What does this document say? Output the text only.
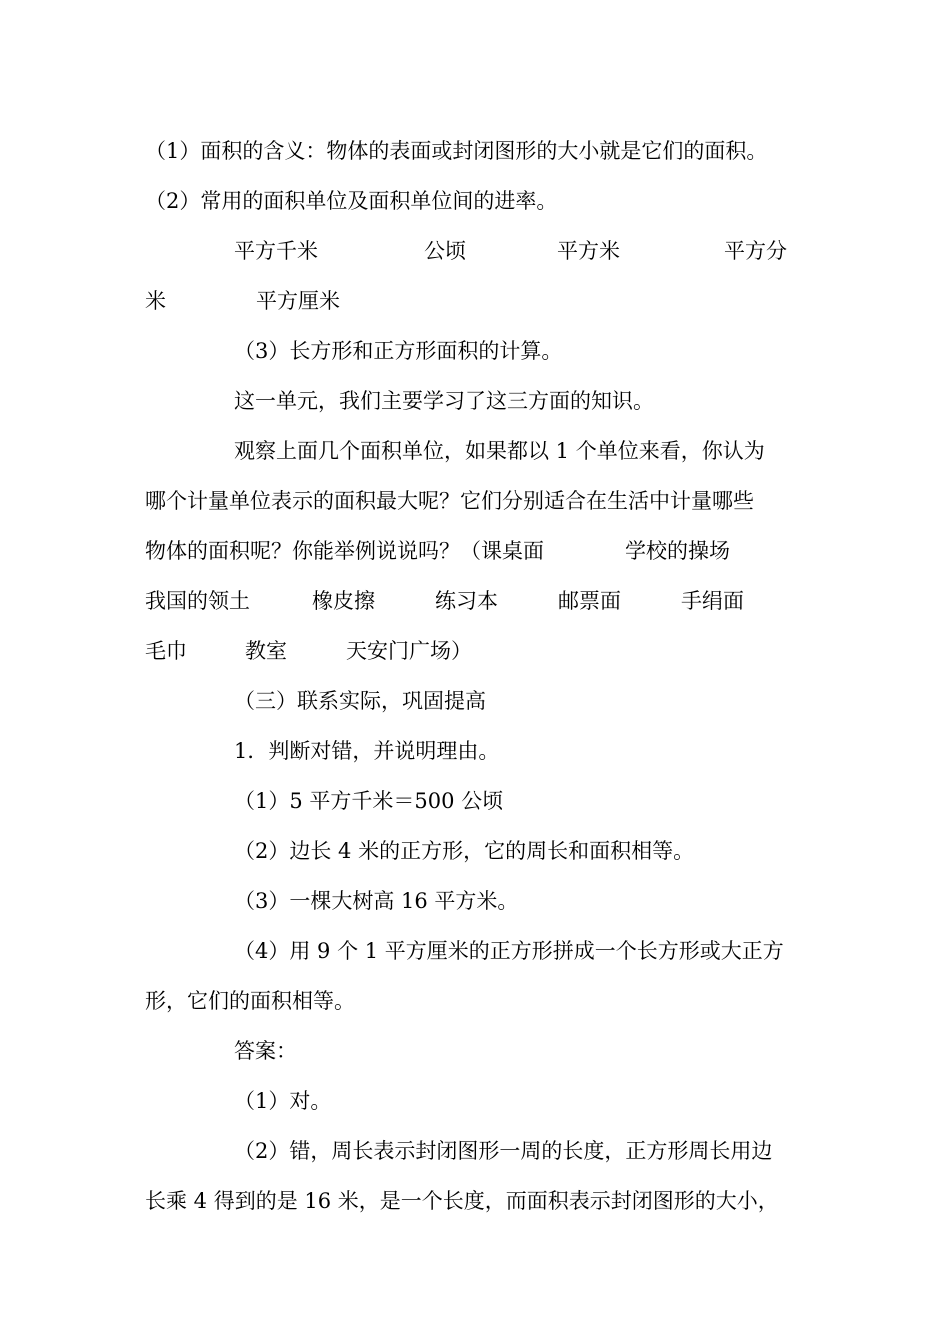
（1）面积的含义：物体的表面或封闭图形的大小就是它们的面积。
（2）常用的面积单位及面积单位间的进率。
平方千米	公顷	平方米	平方分
米	平方厘米
（3）长方形和正方形面积的计算。
这一单元，我们主要学习了这三方面的知识。
观察上面几个面积单位，如果都以 1 个单位来看，你认为
哪个计量单位表示的面积最大呢？它们分别适合在生活中计量哪些
物体的面积呢？你能举例说说吗？（课桌面	学校的操场
我国的领土	橡皮擦	练习本	邮票面	手绢面
毛巾	教室	天安门广场）
（三）联系实际，巩固提高
1．判断对错，并说明理由。
（1）5 平方千米＝500 公顷
（2）边长 4 米的正方形，它的周长和面积相等。
（3）一棵大树高 16 平方米。
（4）用 9 个 1 平方厘米的正方形拼成一个长方形或大正方
形，它们的面积相等。
答案：
（1）对。
（2）错，周长表示封闭图形一周的长度，正方形周长用边
长乘 4 得到的是 16 米，是一个长度，而面积表示封闭图形的大小，
